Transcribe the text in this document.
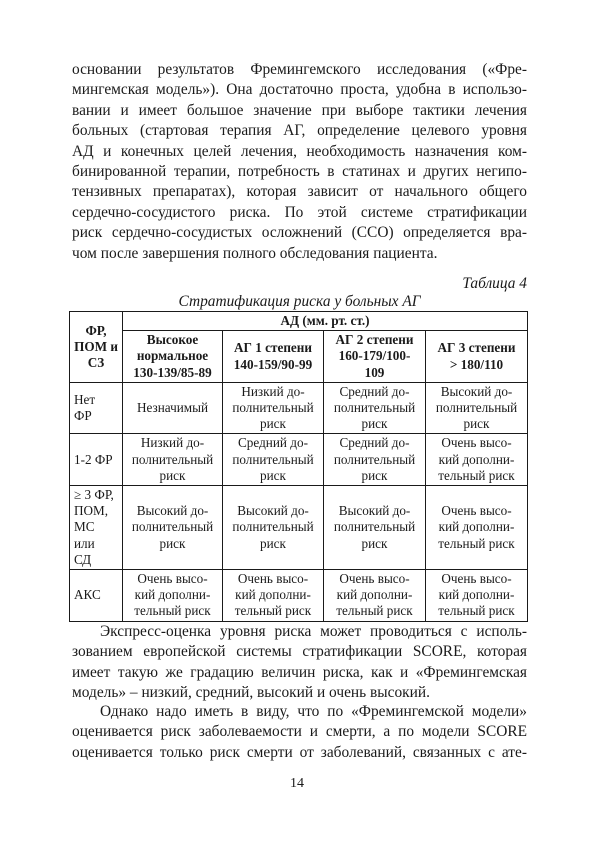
основании результатов Фремингемского исследования («Фре-
мингемская модель»). Она достаточно проста, удобна в использо-
вании и имеет большое значение при выборе тактики лечения
больных (стартовая терапия АГ, определение целевого уровня
АД и конечных целей лечения, необходимость назначения ком-
бинированной терапии, потребность в статинах и других негипо-
тензивных препаратах), которая зависит от начального общего
сердечно-сосудистого риска. По этой системе стратификации
риск сердечно-сосудистых осложнений (ССО) определяется вра-
чом после завершения полного обследования пациента.

Таблица 4

Стратификация риска у больных АГ

ФР,
ПОМ и
СЗ	АД (мм. рт. ст.)			
	Высокое
нормальное
130-139/85-89	АГ 1 степени
140-159/90-99	АГ 2 степени
160-179/100-
109	АГ 3 степени
> 180/110
Нет
ФР	Незначимый	Низкий до-
полнительный
риск	Средний до-
полнительный
риск	Высокий до-
полнительный
риск
1-2 ФР	Низкий до-
полнительный
риск	Средний до-
полнительный
риск	Средний до-
полнительный
риск	Очень высо-
кий дополни-
тельный риск
≥ 3 ФР,
ПОМ,
МС
или
СД	Высокий до-
полнительный
риск	Высокий до-
полнительный
риск	Высокий до-
полнительный
риск	Очень высо-
кий дополни-
тельный риск
АКС	Очень высо-
кий дополни-
тельный риск	Очень высо-
кий дополни-
тельный риск	Очень высо-
кий дополни-
тельный риск	Очень высо-
кий дополни-
тельный риск
Экспресс-оценка уровня риска может проводиться с исполь-
зованием европейской системы стратификации SCORE, которая
имеет такую же градацию величин риска, как и «Фремингемская
модель» – низкий, средний, высокий и очень высокий.
Однако надо иметь в виду, что по «Фремингемской модели»
оценивается риск заболеваемости и смерти, а по модели SCORE
оценивается только риск смерти от заболеваний, связанных с ате-

14
